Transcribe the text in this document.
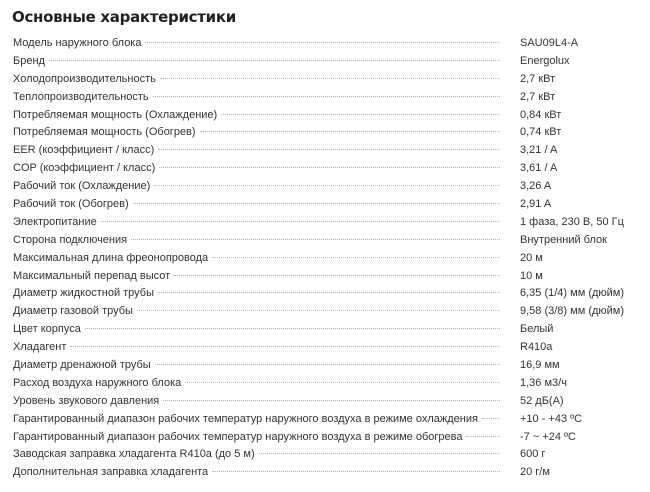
Основные характеристики
Модель наружного блока	SAU09L4-A
Бренд	Energolux
Холодопроизводительность	2,7 кВт
Теплопроизводительность	2,7 кВт
Потребляемая мощность (Охлаждение)	0,84 кВт
Потребляемая мощность (Обогрев)	0,74 кВт
EER (коэффициент / класс)	3,21 / A
COP (коэффициент / класс)	3,61 / A
Рабочий ток (Охлаждение)	3,26 A
Рабочий ток (Обогрев)	2,91 A
Электропитание	1 фаза, 230 В, 50 Гц
Сторона подключения	Внутренний блок
Максимальная длина фреонопровода	20 м
Максимальный перепад высот	10 м
Диаметр жидкостной трубы	6,35 (1/4) мм (дюйм)
Диаметр газовой трубы	9,58 (3/8) мм (дюйм)
Цвет корпуса	Белый
Хладагент	R410a
Диаметр дренажной трубы	16,9 мм
Расход воздуха наружного блока	1,36 м3/ч
Уровень звукового давления	52 дБ(А)
Гарантированный диапазон рабочих температур наружного воздуха в режиме охлаждения	+10 - +43 ºС
Гарантированный диапазон рабочих температур наружного воздуха в режиме обогрева	-7 ~ +24 ºС
Заводская заправка хладагента R410a (до 5 м)	600 г
Дополнительная заправка хладагента	20 г/м
